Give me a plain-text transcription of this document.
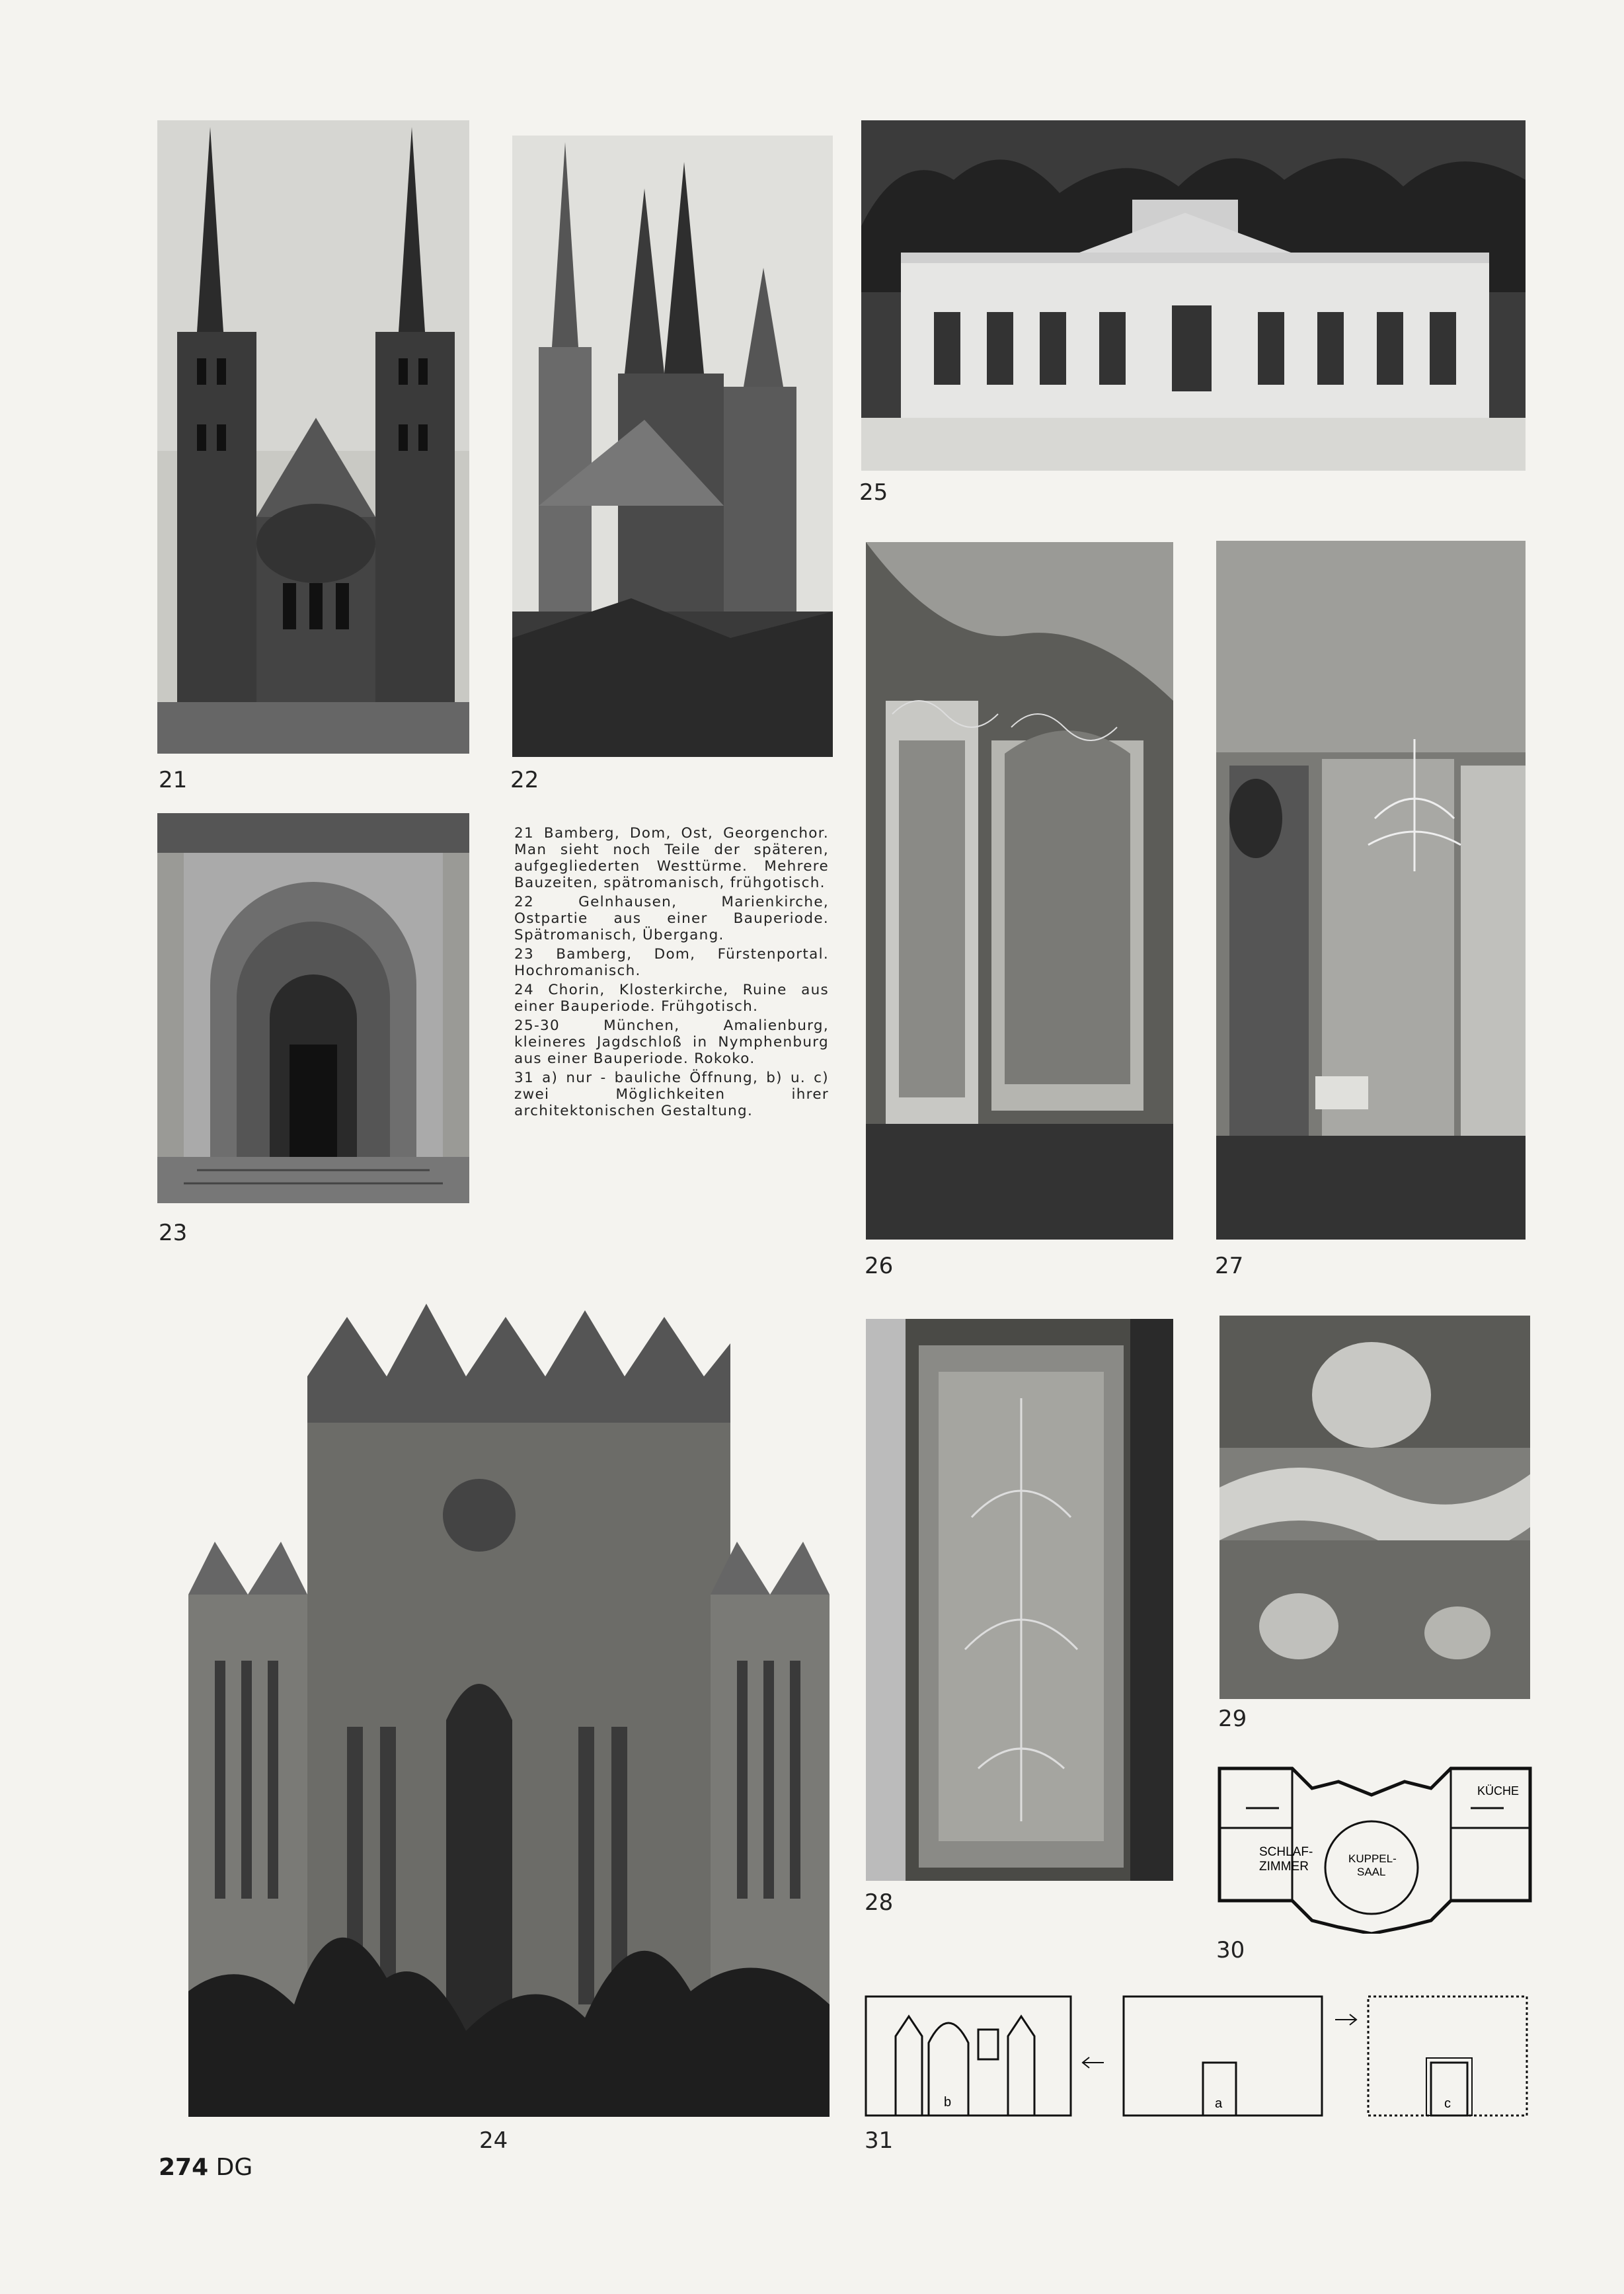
21	22
25
23

21 Bamberg, Dom, Ost, Georgenchor. Man sieht noch Teile der späteren, aufgegliederten Westtürme. Mehrere Bauzeiten, spätromanisch, frühgotisch.

22 Gelnhausen, Marienkirche, Ostpartie aus einer Bauperiode. Spätromanisch, Übergang.

23 Bamberg, Dom, Fürstenportal. Hochromanisch.

24 Chorin, Klosterkirche, Ruine aus einer Bauperiode. Frühgotisch.

25-30 München, Amalienburg, kleineres Jagdschloß in Nymphenburg aus einer Bauperiode. Rokoko.

31 a) nur - bauliche Öffnung, b) u. c) zwei Möglichkeiten ihrer architektonischen Gestaltung.

26	27
24
28
29
SCHLAF-
ZIMMER
KUPPEL-
SAAL
KÜCHE
30
b	a	c
31
274 DG
